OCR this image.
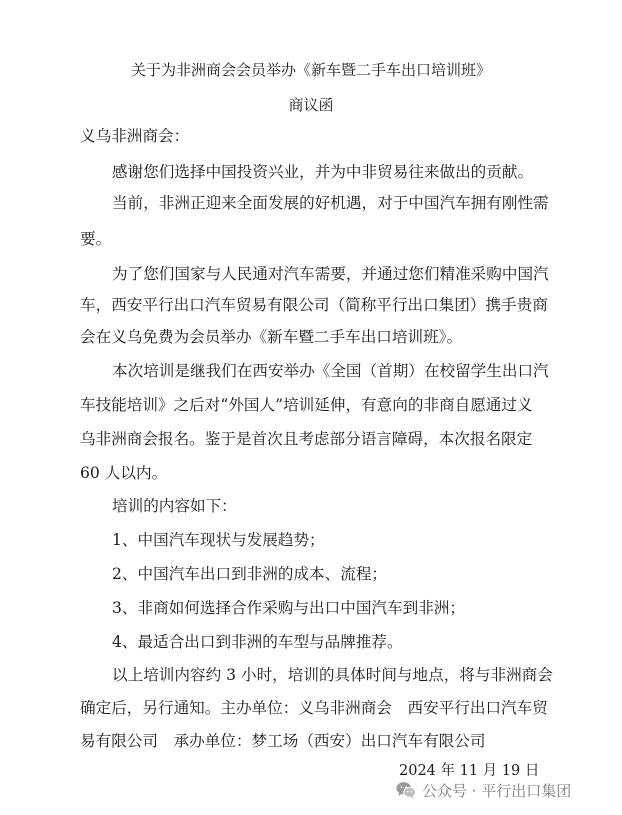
关于为非洲商会会员举办《新车暨二手车出口培训班》
商议函
义乌非洲商会：
感谢您们选择中国投资兴业，并为中非贸易往来做出的贡献。
当前，非洲正迎来全面发展的好机遇，对于中国汽车拥有刚性需
要。
为了您们国家与人民通对汽车需要，并通过您们精准采购中国汽
车，西安平行出口汽车贸易有限公司（简称平行出口集团）携手贵商
会在义乌免费为会员举办《新车暨二手车出口培训班》。
本次培训是继我们在西安举办《全国（首期）在校留学生出口汽
车技能培训》之后对“外国人”培训延伸，有意向的非商自愿通过义
乌非洲商会报名。鉴于是首次且考虑部分语言障碍，本次报名限定
60 人以内。
培训的内容如下：
1、中国汽车现状与发展趋势；
2、中国汽车出口到非洲的成本、流程；
3、非商如何选择合作采购与出口中国汽车到非洲；
4、最适合出口到非洲的车型与品牌推荐。
以上培训内容约 3 小时，培训的具体时间与地点，将与非洲商会
确定后，另行通知。主办单位：义乌非洲商会　西安平行出口汽车贸
易有限公司　承办单位：梦工场（西安）出口汽车有限公司
2024 年 11 月 19 日
公众号 · 平行出口集团
